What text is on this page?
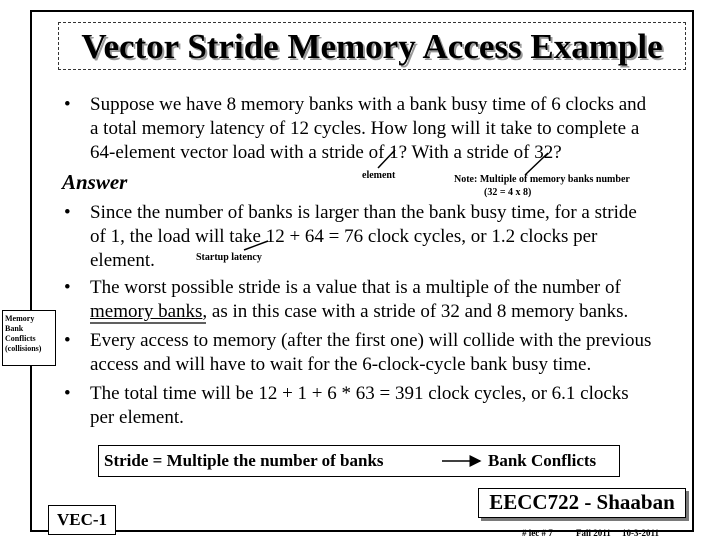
Vector Stride Memory Access Example
• Suppose we have 8 memory banks with a bank busy time of 6 clocks and
a total memory latency of 12 cycles. How long will it take to complete a
64-element vector load with a stride of 1? With a stride of 32?
Answer	element	Note: Multiple of memory banks number
(32 = 4 x 8)
• Since the number of banks is larger than the bank busy time, for a stride
of 1, the load will take 12 + 64 = 76 clock cycles, or 1.2 clocks per
element.	Startup latency
• The worst possible stride is a value that is a multiple of the number of
memory banks, as in this case with a stride of 32 and 8 memory banks.
• Every access to memory (after the first one) will collide with the previous
access and will have to wait for the 6-clock-cycle bank busy time.
• The total time will be 12 + 1 + 6 * 63 = 391 clock cycles, or 6.1 clocks
per element.
Memory
Bank
Conflicts
(collisions)
Stride = Multiple the number of banks	Bank Conflicts
VEC-1
EECC722 - Shaaban
# lec # 7	Fall 2011 10-3-2011
